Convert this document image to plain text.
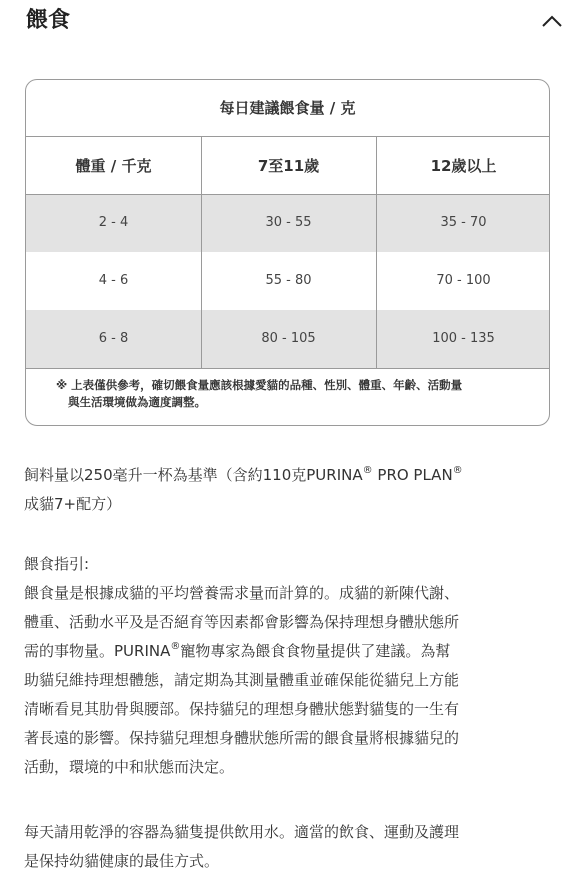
餵食
每日建議餵食量 / 克
體重 / 千克	7至11歲	12歲以上
2 - 4	30 - 55	35 - 70
4 - 6	55 - 80	70 - 100
6 - 8	80 - 105	100 - 135
※ 上表僅供參考，確切餵食量應該根據愛貓的品種、性別、體重、年齡、活動量
與生活環境做為適度調整。
飼料量以250毫升一杯為基準（含約110克PURINA® PRO PLAN®
成貓7+配方）
餵食指引:
餵食量是根據成貓的平均營養需求量而計算的。成貓的新陳代謝、
體重、活動水平及是否絕育等因素都會影響為保持理想身體狀態所
需的事物量。PURINA®寵物專家為餵食食物量提供了建議。為幫
助貓兒維持理想體態，請定期為其測量體重並確保能從貓兒上方能
清晰看見其肋骨與腰部。保持貓兒的理想身體狀態對貓隻的一生有
著長遠的影響。保持貓兒理想身體狀態所需的餵食量將根據貓兒的
活動，環境的中和狀態而決定。
每天請用乾淨的容器為貓隻提供飲用水。適當的飲食、運動及護理
是保持幼貓健康的最佳方式。
